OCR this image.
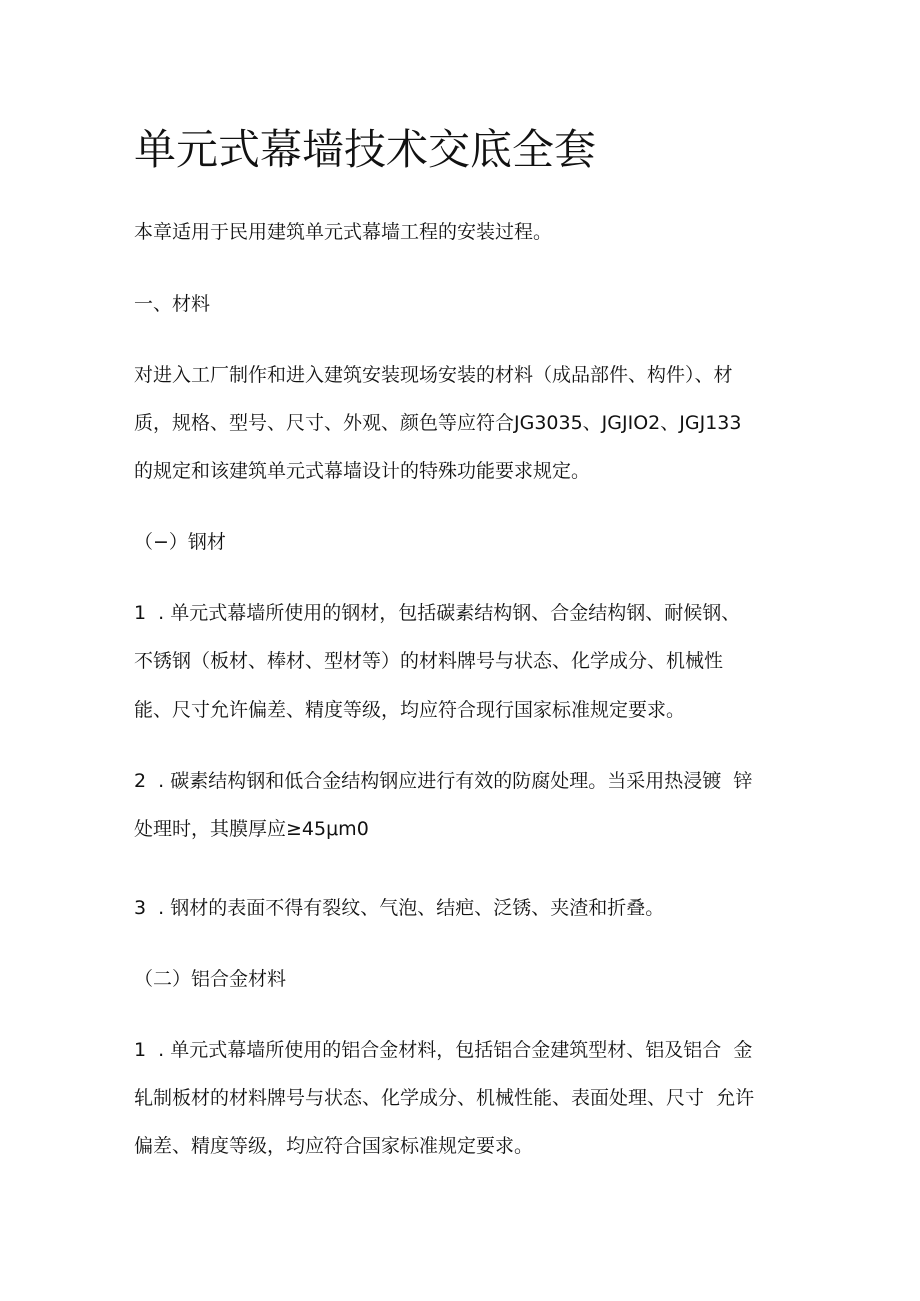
单元式幕墙技术交底全套
本章适用于民用建筑单元式幕墙工程的安装过程。
一、材料
对进入工厂制作和进入建筑安装现场安装的材料（成品部件、构件）、材
质，规格、型号、尺寸、外观、颜色等应符合JG3035、JGJIO2、JGJ133
的规定和该建筑单元式幕墙设计的特殊功能要求规定。
（−）钢材
1  . 单元式幕墙所使用的钢材，包括碳素结构钢、合金结构钢、耐候钢、
不锈钢（板材、棒材、型材等）的材料牌号与状态、化学成分、机械性
能、尺寸允许偏差、精度等级，均应符合现行国家标准规定要求。
2  . 碳素结构钢和低合金结构钢应进行有效的防腐处理。当采用热浸镀  锌
处理时，其膜厚应≥45μm0
3  . 钢材的表面不得有裂纹、气泡、结疤、泛锈、夹渣和折叠。
（二）铝合金材料
1  . 单元式幕墙所使用的铝合金材料，包括铝合金建筑型材、铝及铝合  金
轧制板材的材料牌号与状态、化学成分、机械性能、表面处理、尺寸  允许
偏差、精度等级，均应符合国家标准规定要求。
